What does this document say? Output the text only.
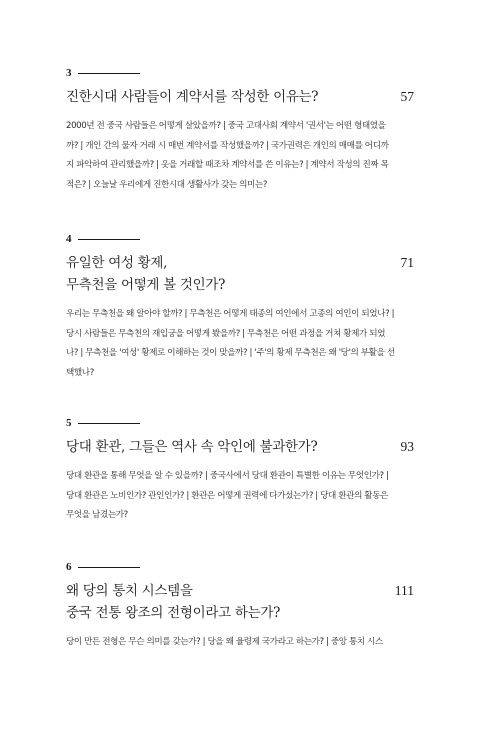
3
진한시대 사람들이 계약서를 작성한 이유는?	57
2000년 전 중국 사람들은 어떻게 살았을까? | 중국 고대사회 계약서 '권서'는 어떤 형태였을
까? | 개인 간의 물자 거래 시 매번 계약서를 작성했을까? | 국가권력은 개인의 매매를 어디까
지 파악하여 관리했을까? | 옷을 거래할 때조차 계약서를 쓴 이유는? | 계약서 작성의 진짜 목
적은? | 오늘날 우리에게 진한시대 생활사가 갖는 의미는?
4
유일한 여성 황제,
무측천을 어떻게 볼 것인가?
71
우리는 무측천을 왜 알아야 할까? | 무측천은 어떻게 태종의 여인에서 고종의 여인이 되었나? |
당시 사람들은 무측천의 재입궁을 어떻게 봤을까? | 무측천은 어떤 과정을 거쳐 황제가 되었
나? | 무측천을 '여성' 황제로 이해하는 것이 맞을까? | '주'의 황제 무측천은 왜 '당'의 부활을 선
택했나?
5
당대 환관, 그들은 역사 속 악인에 불과한가?	93
당대 환관을 통해 무엇을 알 수 있을까? | 중국사에서 당대 환관이 특별한 이유는 무엇인가? |
당대 환관은 노비인가? 관인인가? | 환관은 어떻게 권력에 다가섰는가? | 당대 환관의 활동은
무엇을 남겼는가?
6
왜 당의 통치 시스템을
중국 전통 왕조의 전형이라고 하는가?
111
당이 만든 전형은 무슨 의미를 갖는가? | 당을 왜 율령제 국가라고 하는가? | 중앙 통치 시스
